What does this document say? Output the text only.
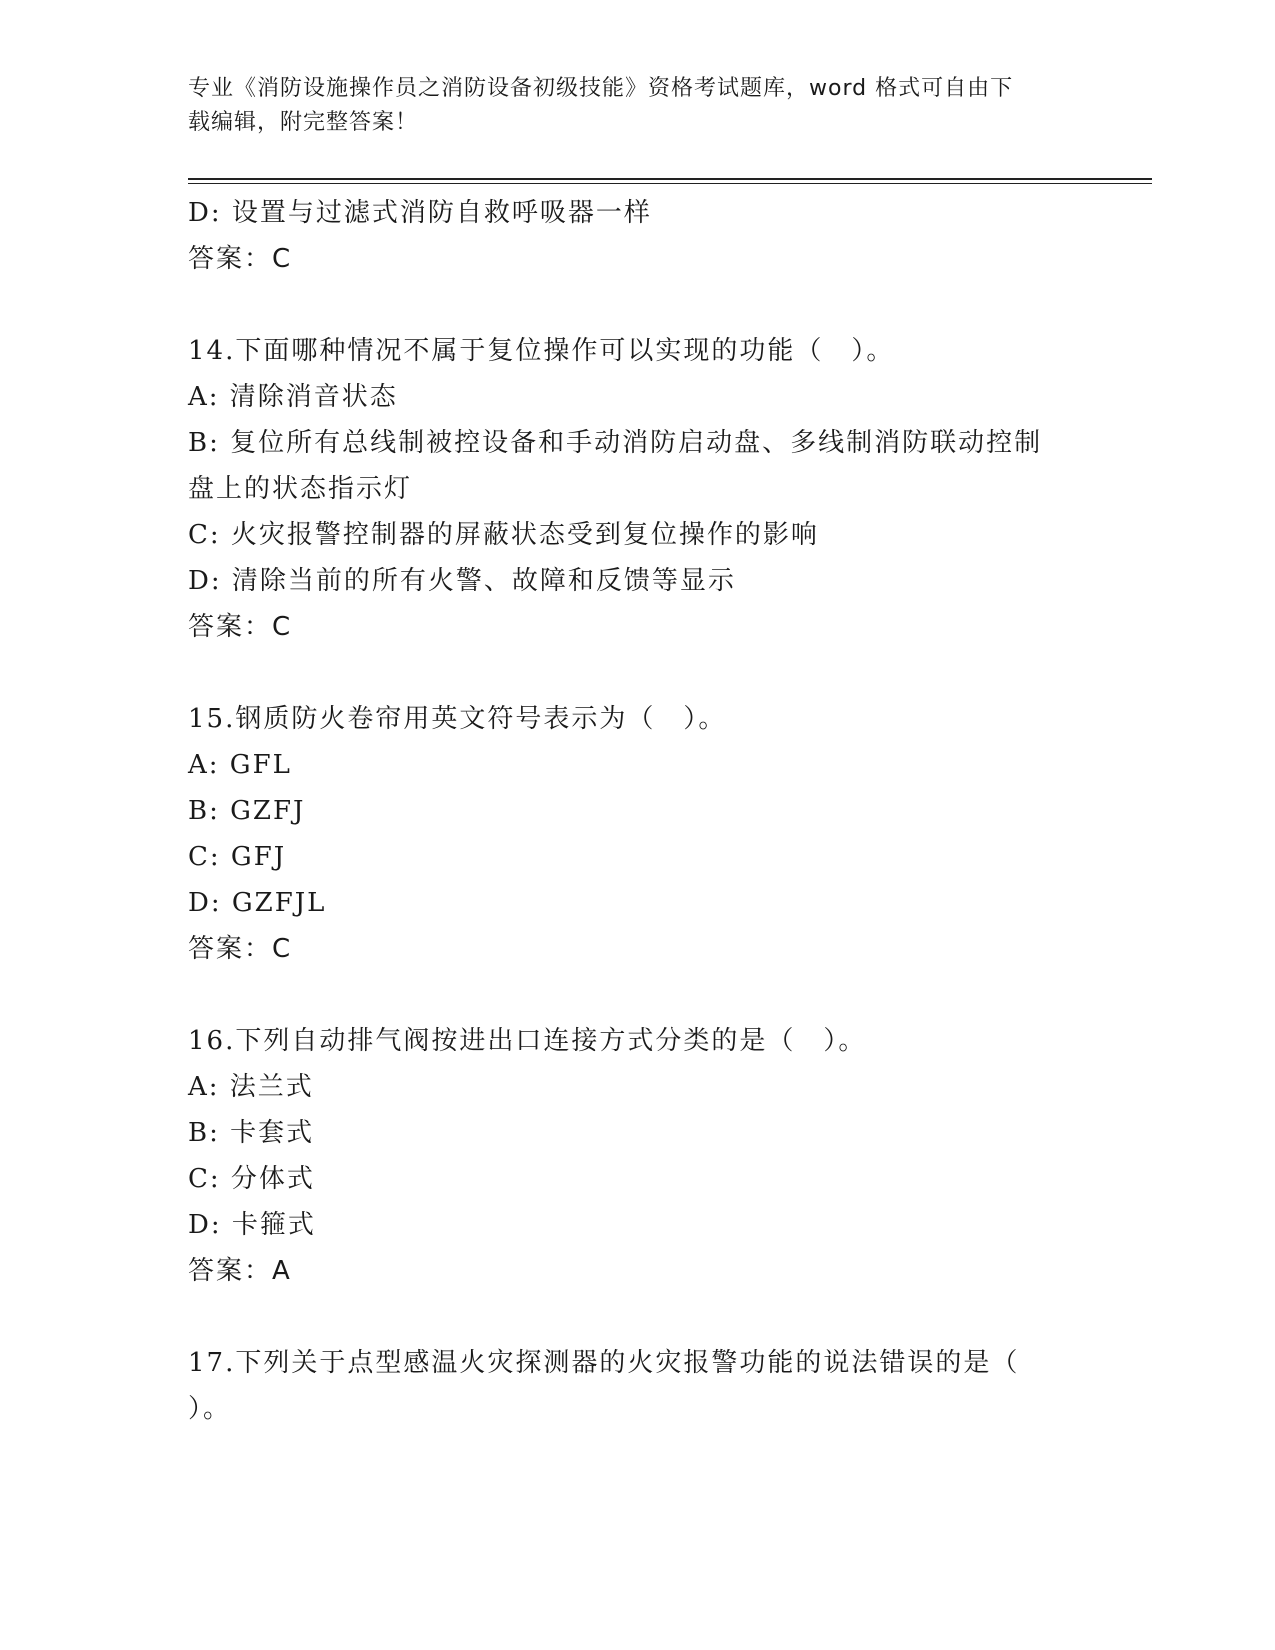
专业《消防设施操作员之消防设备初级技能》资格考试题库，word 格式可自由下
载编辑，附完整答案！
D: 设置与过滤式消防自救呼吸器一样
答案：C
14.下面哪种情况不属于复位操作可以实现的功能（　）。
A: 清除消音状态
B: 复位所有总线制被控设备和手动消防启动盘、多线制消防联动控制
盘上的状态指示灯
C: 火灾报警控制器的屏蔽状态受到复位操作的影响
D: 清除当前的所有火警、故障和反馈等显示
答案：C
15.钢质防火卷帘用英文符号表示为（　）。
A: GFL
B: GZFJ
C: GFJ
D: GZFJL
答案：C
16.下列自动排气阀按进出口连接方式分类的是（　）。
A: 法兰式
B: 卡套式
C: 分体式
D: 卡箍式
答案：A
17.下列关于点型感温火灾探测器的火灾报警功能的说法错误的是（
）。
